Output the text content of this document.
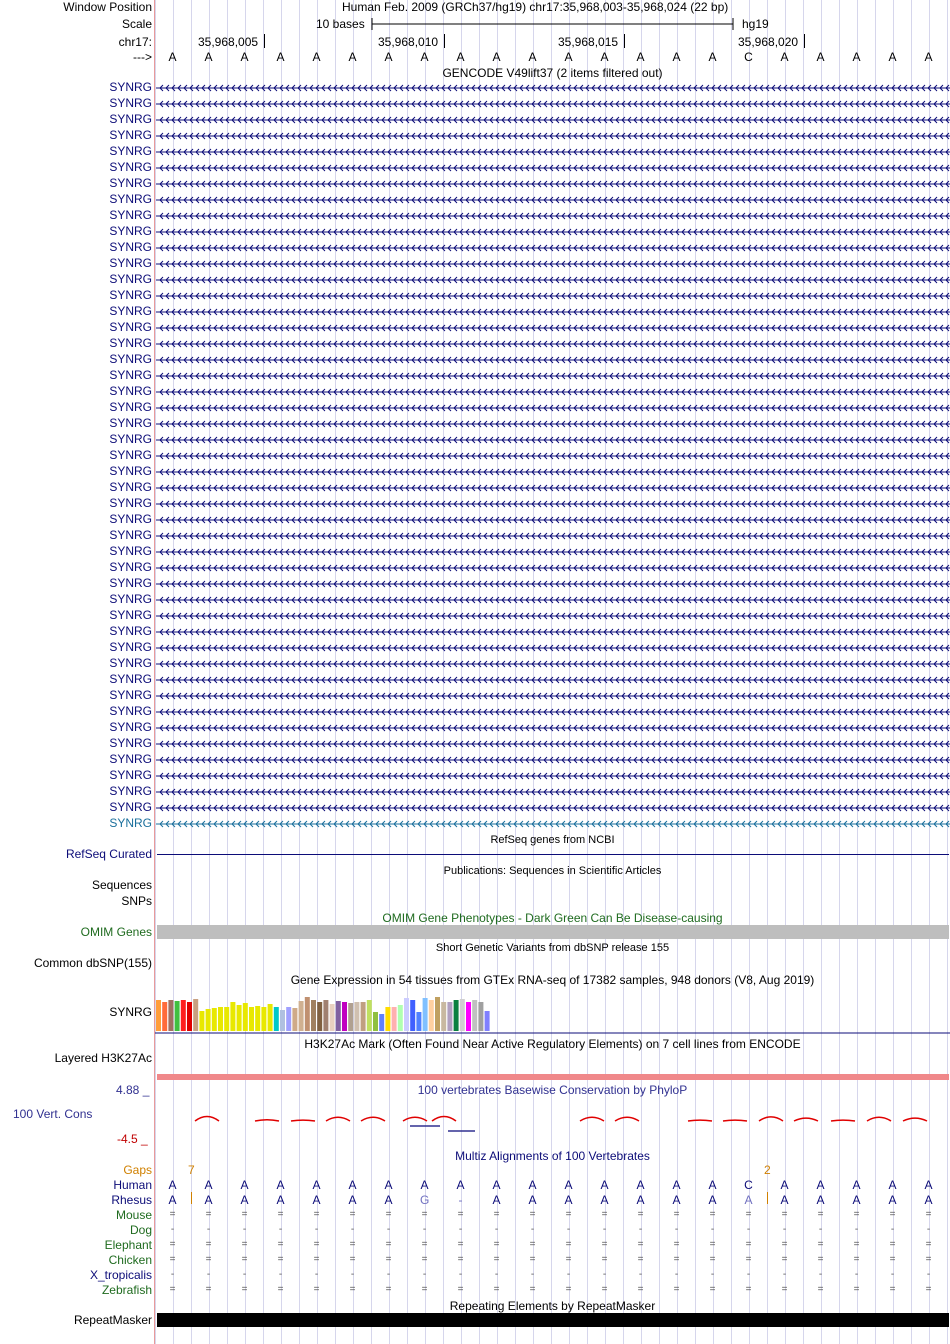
Window Position	Human Feb. 2009 (GRCh37/hg19) chr17:35,968,003-35,968,024 (22 bp)
Scale	10 bases	hg19
chr17:	35,968,005	35,968,010	35,968,015	35,968,020
---> A A A A A A A A A A A A A A A A C A A A A A
GENCODE V49lift37 (2 items filtered out)
SYNRG
SYNRG
SYNRG
SYNRG
SYNRG
SYNRG
SYNRG
SYNRG
SYNRG
SYNRG
SYNRG
SYNRG
SYNRG
SYNRG
SYNRG
SYNRG
SYNRG
SYNRG
SYNRG
SYNRG
SYNRG
SYNRG
SYNRG
SYNRG
SYNRG
SYNRG
SYNRG
SYNRG
SYNRG
SYNRG
SYNRG
SYNRG
SYNRG
SYNRG
SYNRG
SYNRG
SYNRG
SYNRG
SYNRG
SYNRG
SYNRG
SYNRG
SYNRG
SYNRG
SYNRG
SYNRG
SYNRG
RefSeq genes from NCBI
RefSeq Curated
Publications: Sequences in Scientific Articles
Sequences
SNPs
OMIM Gene Phenotypes - Dark Green Can Be Disease-causing
OMIM Genes
Short Genetic Variants from dbSNP release 155
Common dbSNP(155)
Gene Expression in 54 tissues from GTEx RNA-seq of 17382 samples, 948 donors (V8, Aug 2019)
SYNRG
H3K27Ac Mark (Often Found Near Active Regulatory Elements) on 7 cell lines from ENCODE
Layered H3K27Ac
100 vertebrates Basewise Conservation by PhyloP
4.88 _
100 Vert. Cons
-4.5 _
Multiz Alignments of 100 Vertebrates
Gaps	7	2
Human A A A A A A A A A A A A A A A A C A A A A A
Rhesus A A A A A A A G - A A A A A A A A A A A A A
Mouse =	=	=	=	=	=	=	=	=	=	=	=	=	=	=	=	=	=	=	=	=	=
Dog -	-	-	-	-	-	-	-	-	-	-	-	-	-	-	-	-	-	-	-	-	-
Elephant =	=	=	=	=	=	=	=	=	=	=	=	=	=	=	=	=	=	=	=	=	=
Chicken =	=	=	=	=	=	=	=	=	=	=	=	=	=	=	=	=	=	=	=	=	=
X_tropicalis -	-	-	-	-	-	-	-	-	-	-	-	-	-	-	-	-	-	-	-	-	-
Zebrafish =	=	=	=	=	=	=	=	=	=	=	=	=	=	=	=	=	=	=	=	=	=
Repeating Elements by RepeatMasker
RepeatMasker
